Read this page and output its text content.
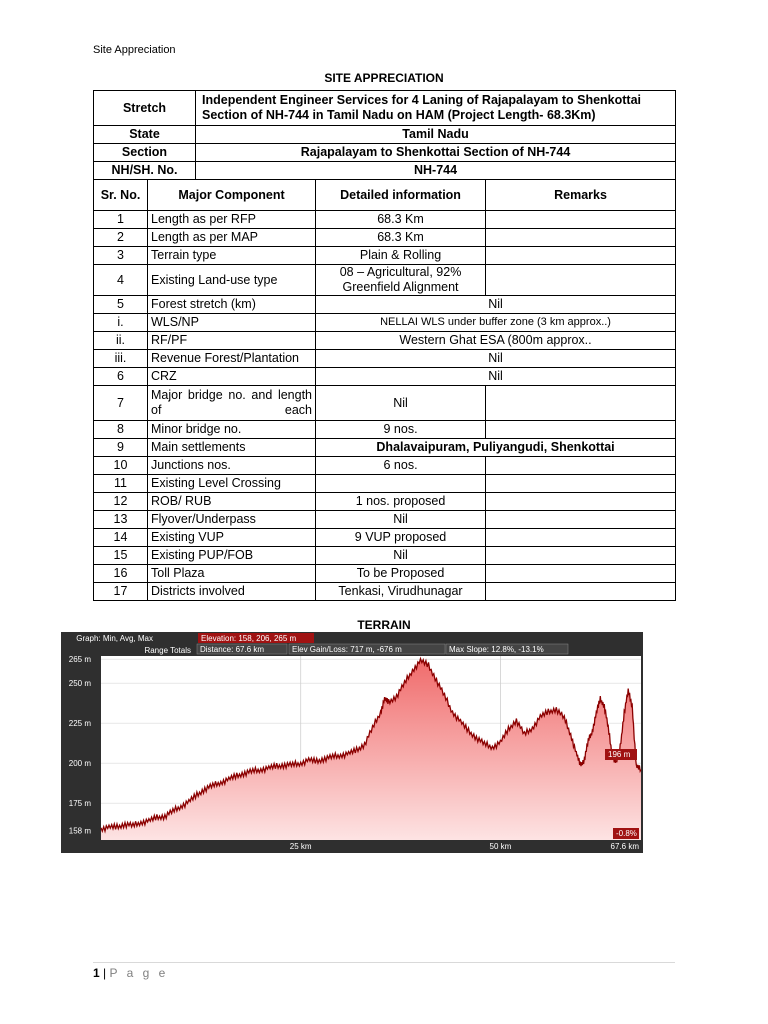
Site Appreciation
SITE APPRECIATION
Stretch		Independent Engineer Services for 4 Laning of Rajapalayam to Shenkottai Section of NH-744 in Tamil Nadu on HAM (Project Length- 68.3Km)		
State		Tamil Nadu		
Section		Rajapalayam to Shenkottai Section of NH-744		
NH/SH. No.		NH-744		
Sr. No.	Major Component		Detailed information	Remarks
1	Length as per RFP		68.3 Km	
2	Length as per MAP		68.3 Km	
3	Terrain type		Plain & Rolling	
4	Existing Land-use type		08 – Agricultural, 92% Greenfield Alignment	
5	Forest stretch (km)		Nil	
i.	WLS/NP		NELLAI WLS under buffer zone (3 km approx..)	
ii.	RF/PF		Western Ghat ESA (800m approx..	
iii.	Revenue Forest/Plantation		Nil	
6	CRZ		Nil	
7	Major bridge no. and length of each		Nil	
8	Minor bridge no.		9 nos.	
9	Main settlements		Dhalavaipuram, Puliyangudi, Shenkottai	
10	Junctions nos.		6 nos.	
11	Existing Level Crossing			
12	ROB/ RUB		1 nos. proposed	
13	Flyover/Underpass		Nil	
14	Existing VUP		9 VUP proposed	
15	Existing PUP/FOB		Nil	
16	Toll Plaza		To be Proposed	
17	Districts involved		Tenkasi, Virudhunagar	
TERRAIN
265 m
250 m
225 m
200 m
175 m
158 m
25 km	50 km	67.6 km
Graph: Min, Avg, Max	Elevation: 158, 206, 265 m
Range Totals Distance: 67.6 km	Elev Gain/Loss: 717 m, -676 m	Max Slope: 12.8%, -13.1%
196 m
-0.8%
1 | P a g e
